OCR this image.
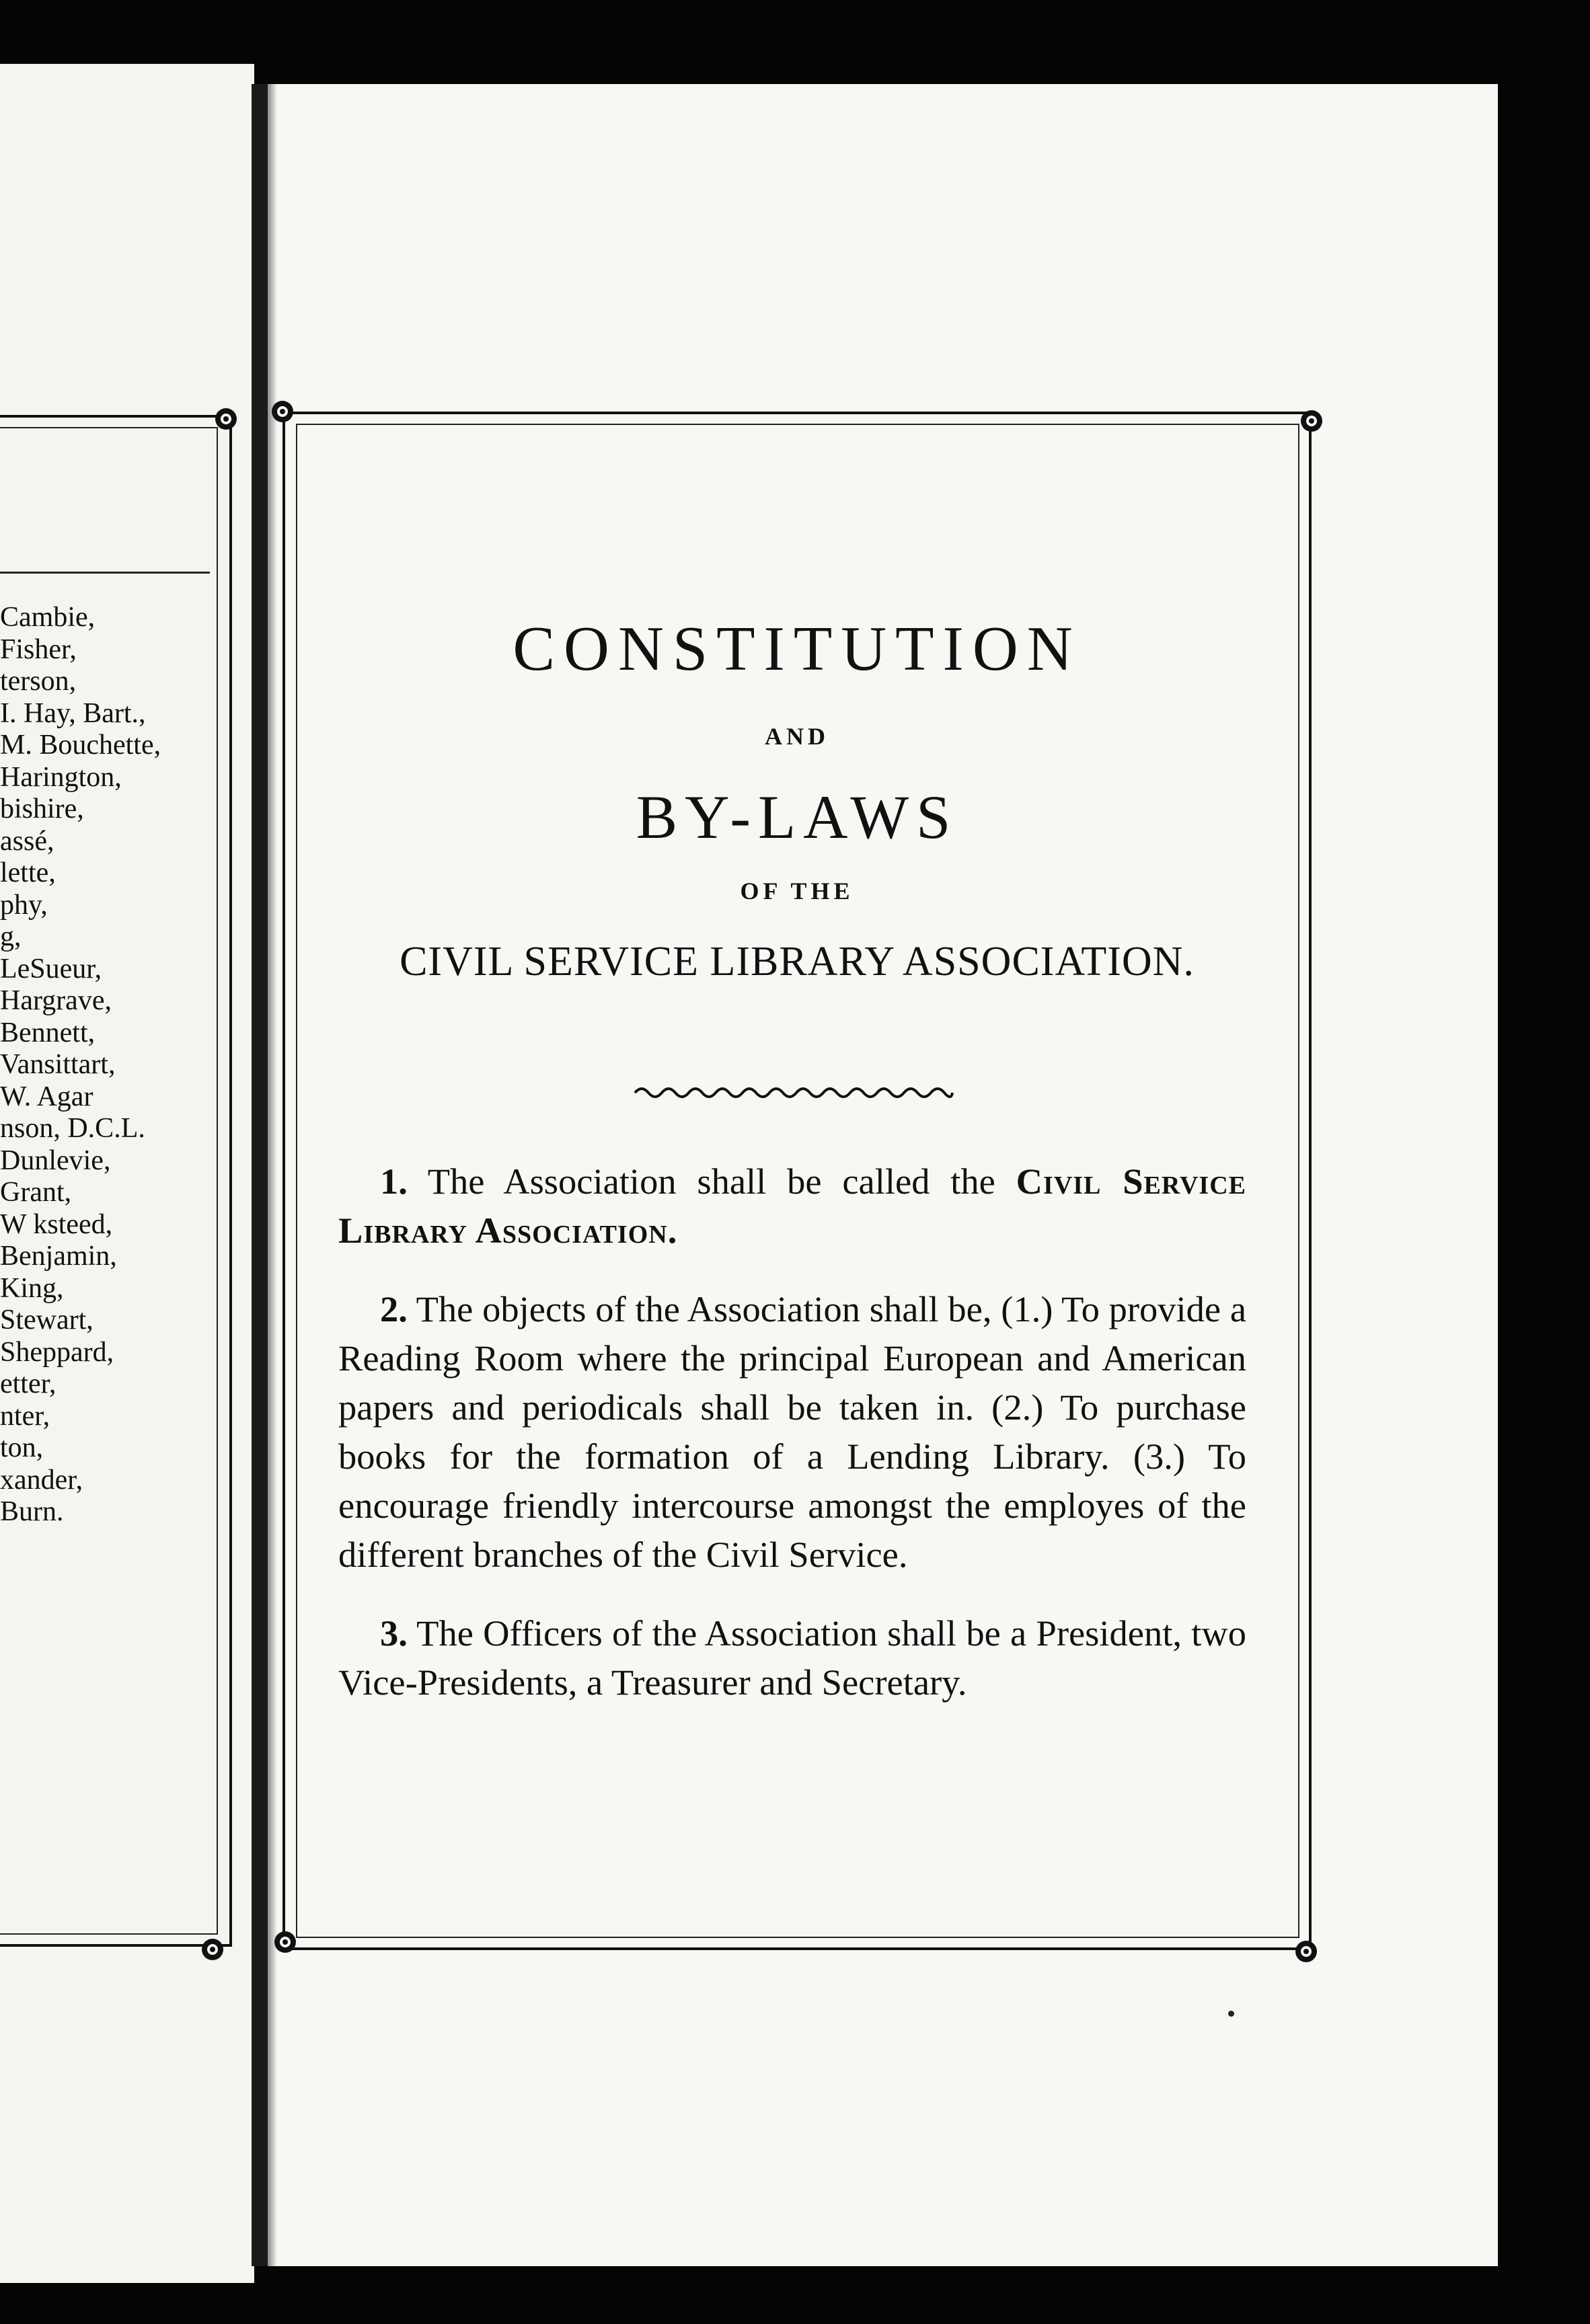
Cambie,
Fisher,
terson,
I. Hay, Bart.,
M. Bouchette,
Harington,
bishire,
assé,
lette,
phy,
g,
LeSueur,
Hargrave,
Bennett,
Vansittart,
W. Agar
nson, D.C.L.
Dunlevie,
Grant,
W ksteed,
Benjamin,
King,
Stewart,
Sheppard,
etter,
nter,
ton,
xander,
Burn.
CONSTITUTION

AND

BY-LAWS

OF THE

CIVIL SERVICE LIBRARY ASSOCIATION.

1. The Association shall be called the Civil Service Library Association.

2. The objects of the Association shall be, (1.) To provide a Reading Room where the principal European and American papers and periodicals shall be taken in. (2.) To purchase books for the formation of a Lending Library. (3.) To encourage friendly intercourse amongst the employes of the different branches of the Civil Service.

3. The Officers of the Association shall be a President, two Vice-Presidents, a Treasurer and Secretary.
